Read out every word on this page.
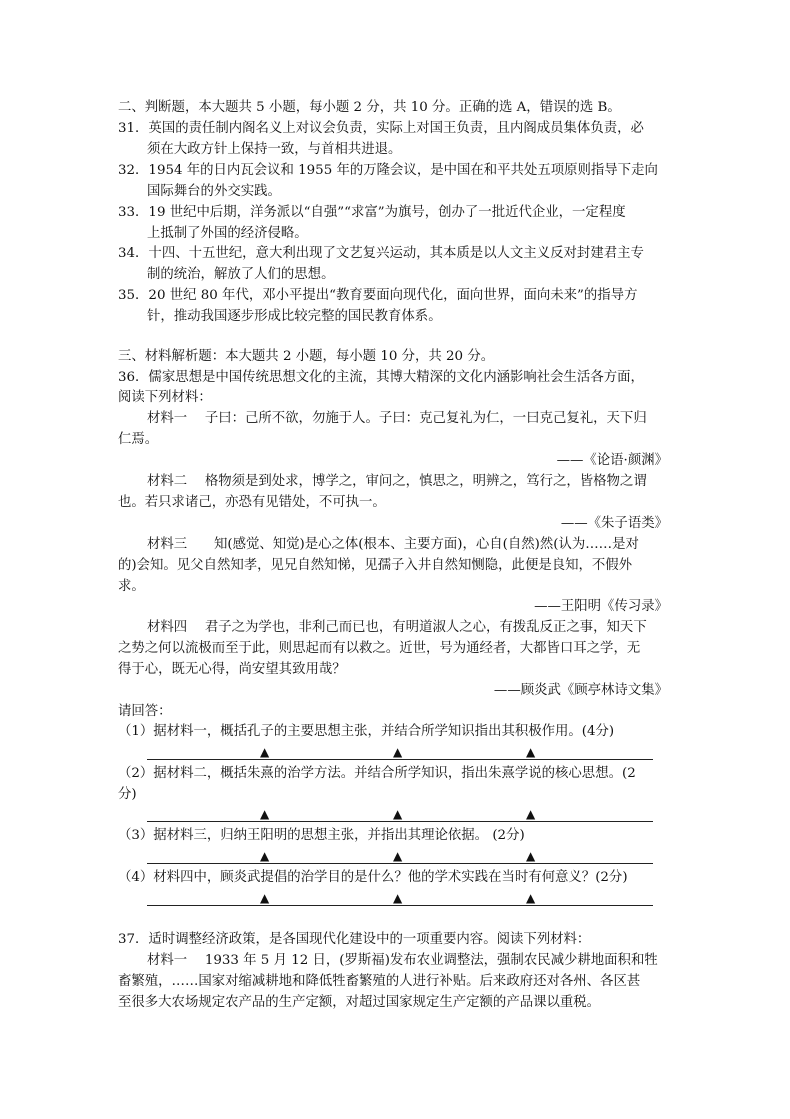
二、判断题，本大题共 5 小题，每小题 2 分，共 10 分。正确的选 A，错误的选 B。
31．英国的责任制内阁名义上对议会负责，实际上对国王负责，且内阁成员集体负责，必
须在大政方针上保持一致，与首相共进退。
32．1954 年的日内瓦会议和 1955 年的万隆会议，是中国在和平共处五项原则指导下走向
国际舞台的外交实践。
33．19 世纪中后期，洋务派以“自强”“求富”为旗号，创办了一批近代企业，一定程度
上抵制了外国的经济侵略。
34．十四、十五世纪，意大利出现了文艺复兴运动，其本质是以人文主义反对封建君主专
制的统治，解放了人们的思想。
35．20 世纪 80 年代，邓小平提出“教育要面向现代化，面向世界，面向未来”的指导方
针，推动我国逐步形成比较完整的国民教育体系。
三、材料解析题：本大题共 2 小题，每小题 10 分，共 20 分。
36．儒家思想是中国传统思想文化的主流，其博大精深的文化内涵影响社会生活各方面，
阅读下列材料：
材料一　 子曰：己所不欲，勿施于人。子曰：克己复礼为仁，一曰克己复礼，天下归
仁焉。
——《论语·颜渊》
材料二　 格物须是到处求，博学之，审问之，慎思之，明辨之，笃行之，皆格物之谓
也。若只求诸己，亦恐有见错处，不可执一。
——《朱子语类》
材料三　　知(感觉、知觉)是心之体(根本、主要方面)，心自(自然)然(认为……是对
的)会知。见父自然知孝，见兄自然知悌，见孺子入井自然知恻隐，此便是良知，不假外
求。
——王阳明《传习录》
材料四　 君子之为学也，非利己而已也，有明道淑人之心，有拨乱反正之事，知天下
之势之何以流极而至于此，则思起而有以救之。近世，号为通经者，大都皆口耳之学，无
得于心，既无心得，尚安望其致用哉？
——顾炎武《顾亭林诗文集》
请回答：
（1）据材料一，概括孔子的主要思想主张，并结合所学知识指出其积极作用。(4分)
▲	▲	▲
（2）据材料二，概括朱熹的治学方法。并结合所学知识，指出朱熹学说的核心思想。(2
分)
▲	▲	▲
（3）据材料三，归纳王阳明的思想主张，并指出其理论依据。 (2分)
▲	▲	▲
（4）材料四中，顾炎武提倡的治学目的是什么？他的学术实践在当时有何意义？(2分)
▲	▲	▲
37．适时调整经济政策，是各国现代化建设中的一项重要内容。阅读下列材料：
材料一　 1933 年 5 月 12 日，(罗斯福)发布农业调整法，强制农民减少耕地面积和牲
畜繁殖，……国家对缩减耕地和降低牲畜繁殖的人进行补贴。后来政府还对各州、各区甚
至很多大农场规定农产品的生产定额，对超过国家规定生产定额的产品课以重税。
